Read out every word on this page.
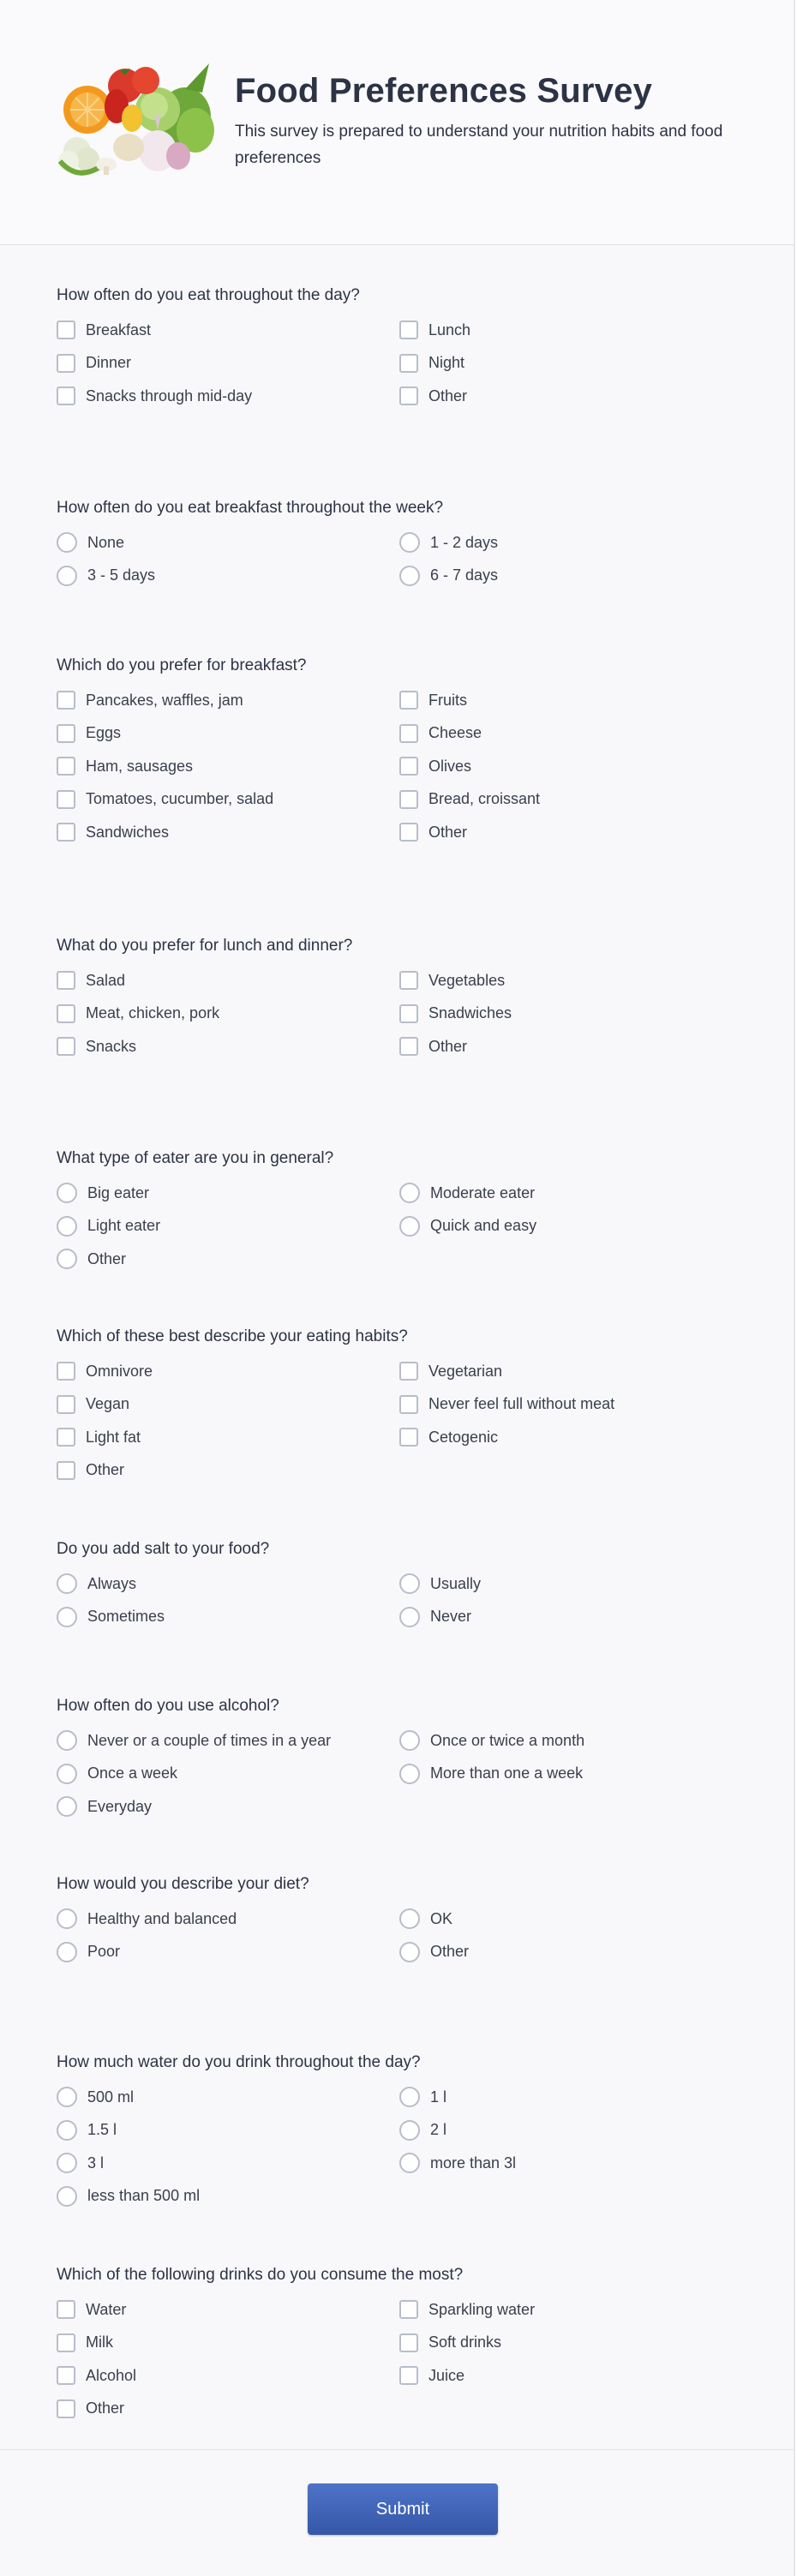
Food Preferences Survey

This survey is prepared to understand your nutrition habits and food preferences

How often do you eat throughout the day?
Breakfast	Lunch
Dinner	Night
Snacks through mid-day	Other
How often do you eat breakfast throughout the week?
None	1 - 2 days
3 - 5 days	6 - 7 days
Which do you prefer for breakfast?
Pancakes, waffles, jam	Fruits
Eggs	Cheese
Ham, sausages	Olives
Tomatoes, cucumber, salad	Bread, croissant
Sandwiches	Other
What do you prefer for lunch and dinner?
Salad	Vegetables
Meat, chicken, pork	Snadwiches
Snacks	Other
What type of eater are you in general?
Big eater	Moderate eater
Light eater	Quick and easy
Other
Which of these best describe your eating habits?
Omnivore	Vegetarian
Vegan	Never feel full without meat
Light fat	Cetogenic
Other
Do you add salt to your food?
Always	Usually
Sometimes	Never
How often do you use alcohol?
Never or a couple of times in a year	Once or twice a month
Once a week	More than one a week
Everyday
How would you describe your diet?
Healthy and balanced	OK
Poor	Other
How much water do you drink throughout the day?
500 ml	1 l
1.5 l	2 l
3 l	more than 3l
less than 500 ml
Which of the following drinks do you consume the most?
Water	Sparkling water
Milk	Soft drinks
Alcohol	Juice
Other
Submit
